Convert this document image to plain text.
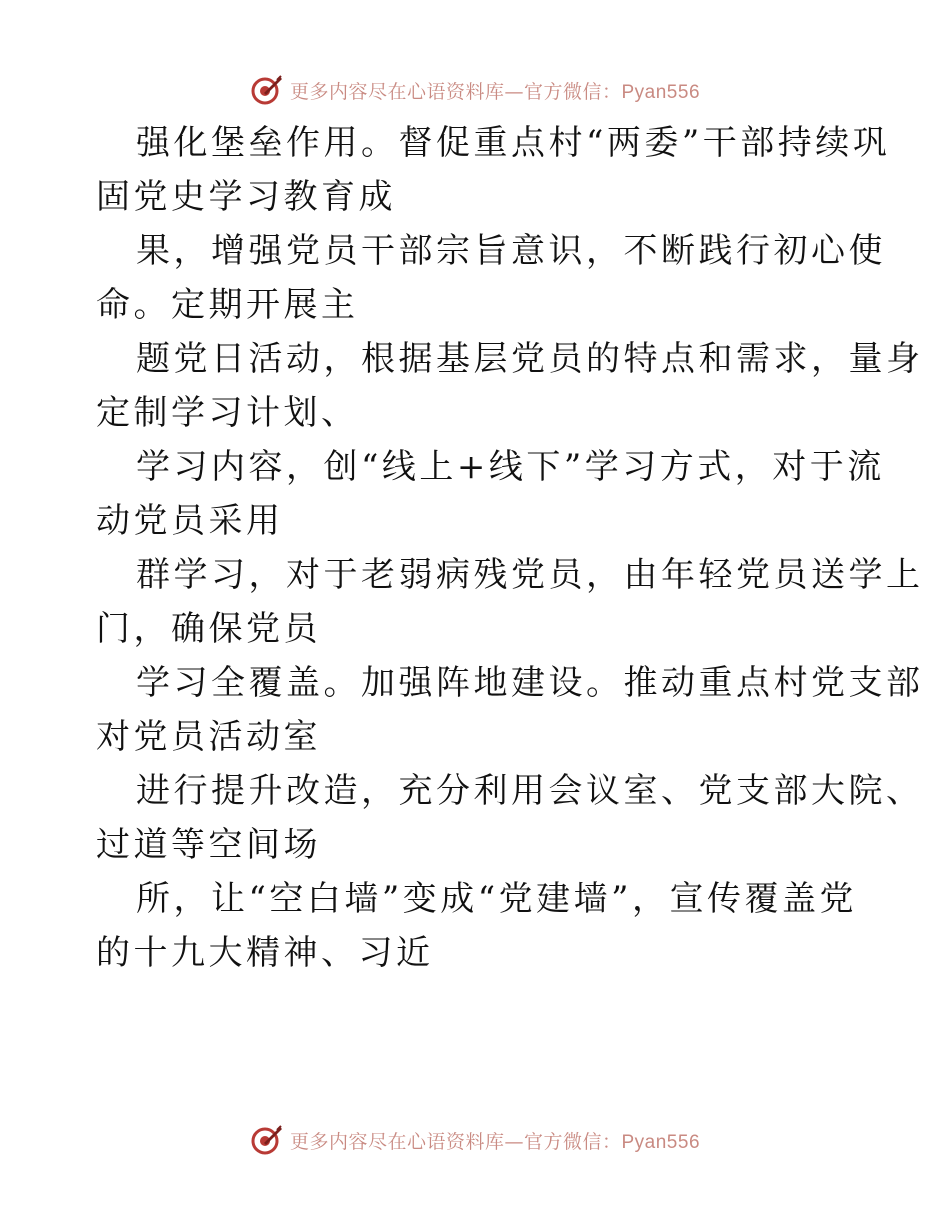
更多内容尽在心语资料库—官方微信：Pyan556

强化堡垒作用。督促重点村“两委”干部持续巩
固党史学习教育成

果，增强党员干部宗旨意识，不断践行初心使
命。定期开展主

题党日活动，根据基层党员的特点和需求，量身
定制学习计划、

学习内容，创“线上+线下”学习方式，对于流
动党员采用

群学习，对于老弱病残党员，由年轻党员送学上
门，确保党员

学习全覆盖。加强阵地建设。推动重点村党支部
对党员活动室

进行提升改造，充分利用会议室、党支部大院、
过道等空间场

所，让“空白墙”变成“党建墙”，宣传覆盖党
的十九大精神、习近

更多内容尽在心语资料库—官方微信：Pyan556
